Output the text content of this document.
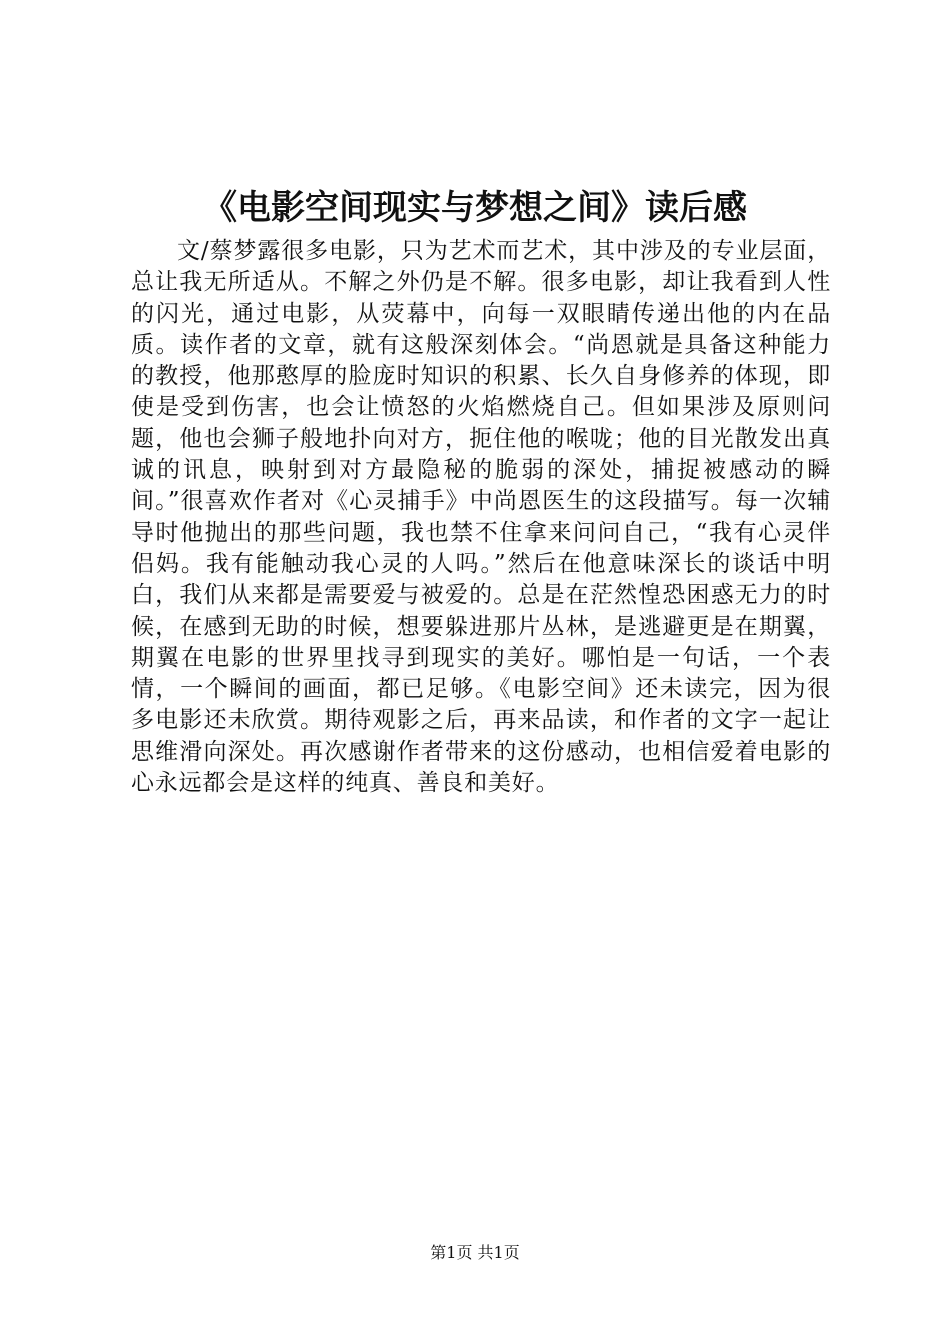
《电影空间现实与梦想之间》读后感

文/蔡梦露很多电影，只为艺术而艺术，其中涉及的专业层面，总让我无所适从。不解之外仍是不解。很多电影，却让我看到人性的闪光，通过电影，从荧幕中，向每一双眼睛传递出他的内在品质。读作者的文章，就有这般深刻体会。“尚恩就是具备这种能力的教授，他那憨厚的脸庞时知识的积累、长久自身修养的体现，即使是受到伤害，也会让愤怒的火焰燃烧自己。但如果涉及原则问题，他也会狮子般地扑向对方，扼住他的喉咙；他的目光散发出真诚的讯息，映射到对方最隐秘的脆弱的深处，捕捉被感动的瞬间。”很喜欢作者对《心灵捕手》中尚恩医生的这段描写。每一次辅导时他抛出的那些问题，我也禁不住拿来问问自己，“我有心灵伴侣妈。我有能触动我心灵的人吗。”然后在他意味深长的谈话中明白，我们从来都是需要爱与被爱的。总是在茫然惶恐困惑无力的时候，在感到无助的时候，想要躲进那片丛林，是逃避更是在期翼，期翼在电影的世界里找寻到现实的美好。哪怕是一句话，一个表情，一个瞬间的画面，都已足够。《电影空间》还未读完，因为很多电影还未欣赏。期待观影之后，再来品读，和作者的文字一起让思维滑向深处。再次感谢作者带来的这份感动，也相信爱着电影的心永远都会是这样的纯真、善良和美好。

第1页 共1页
